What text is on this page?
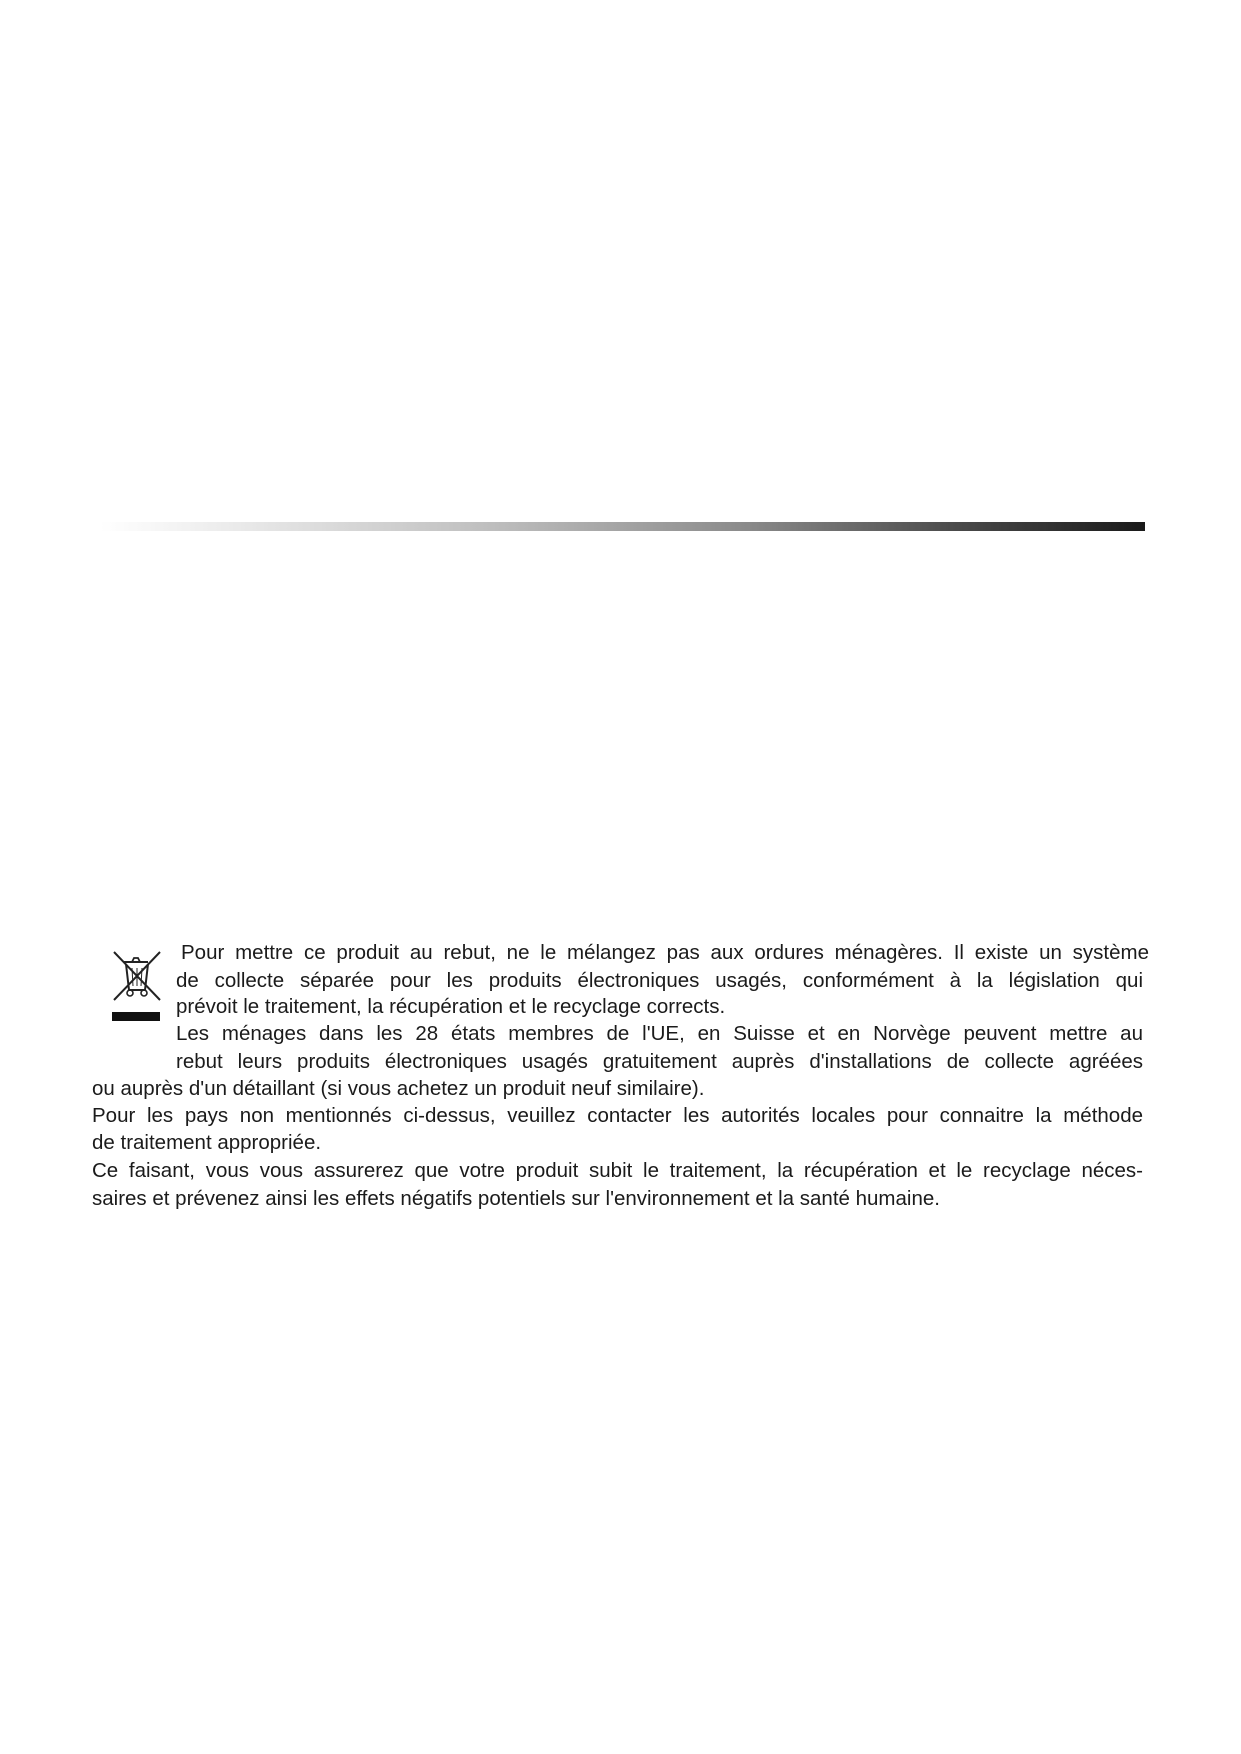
Pour mettre ce produit au rebut, ne le mélangez pas aux ordures ménagères. Il existe un système
de collecte séparée pour les produits électroniques usagés, conformément à la législation qui
prévoit le traitement, la récupération et le recyclage corrects.
Les ménages dans les 28 états membres de l'UE, en Suisse et en Norvège peuvent mettre au
rebut leurs produits électroniques usagés gratuitement auprès d'installations de collecte agréées
ou auprès d'un détaillant (si vous achetez un produit neuf similaire).
Pour les pays non mentionnés ci-dessus, veuillez contacter les autorités locales pour connaitre la méthode
de traitement appropriée.
Ce faisant, vous vous assurerez que votre produit subit le traitement, la récupération et le recyclage néces-
saires et prévenez ainsi les effets négatifs potentiels sur l'environnement et la santé humaine.
